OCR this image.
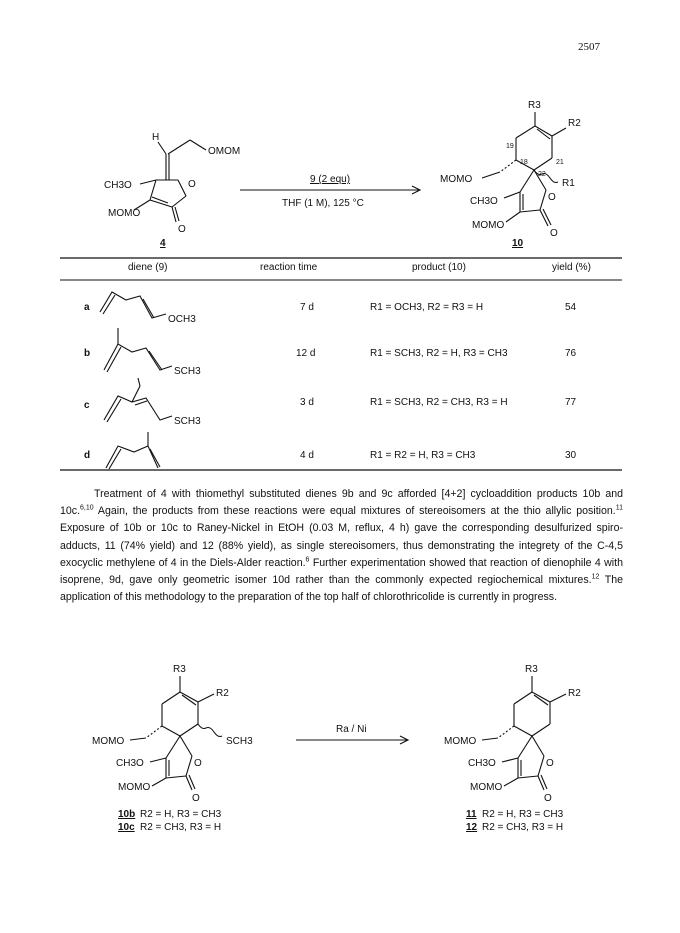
2507
H
OMOM
CH3O	O
MOMO
O
4
9 (2 equ)
THF (1 M), 125 °C
R3
R2
R1
19
18	21
22
MOMO
O
CH3O
MOMO
O
10
OCH3
SCH3
SCH3
diene (9)	reaction time	product (10)	yield (%)
a	7 d	R1 = OCH3, R2 = R3 = H	54
b	12 d	R1 = SCH3, R2 = H, R3 = CH3	76
c	3 d	R1 = SCH3, R2 = CH3, R3 = H	77
d	4 d	R1 = R2 = H, R3 = CH3	30

Treatment of 4 with thiomethyl substituted dienes 9b and 9c afforded [4+2] cycloaddition products 10b and 10c.$^{6,10}$ Again, the products from these reactions were equal mixtures of stereoisomers at the thio allylic position.$^{11}$ Exposure of 10b or 10c to Raney-Nickel in EtOH (0.03 M, reflux, 4 h) gave the corresponding desulfurized spiro-adducts, 11 (74% yield) and 12 (88% yield), as single stereoisomers, thus demonstrating the integrety of the C-4,5 exocyclic methylene of 4 in the Diels-Alder reaction.$^6$ Further experimentation showed that reaction of dienophile 4 with isoprene, 9d, gave only geometric isomer 10d rather than the commonly expected regiochemical mixtures.$^{12}$ The application of this methodology to the preparation of the top half of chlorothricolide is currently in progress.

R3
R2
SCH3
MOMO
O
CH3O
MOMO
O
10b R2 = H, R3 = CH3
10c R2 = CH3, R3 = H
Ra / Ni
R3
R2
MOMO
O
CH3O
MOMO
O
11 R2 = H, R3 = CH3
12 R2 = CH3, R3 = H
